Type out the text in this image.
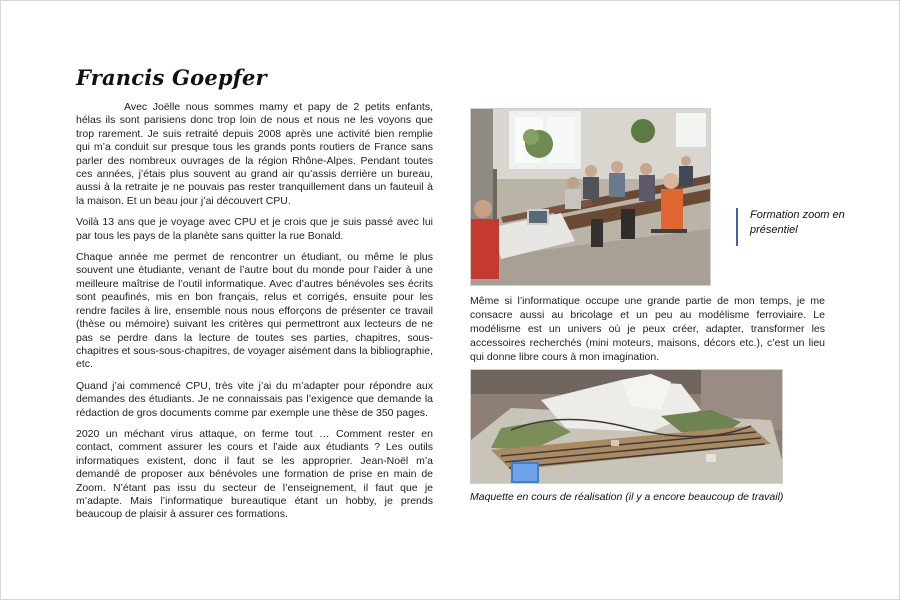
Francis Goepfer

Avec Joëlle nous sommes mamy et papy de 2 petits enfants, hélas ils sont parisiens donc trop loin de nous et nous ne les voyons que trop rarement. Je suis retraité depuis 2008 après une activité bien remplie qui m’a conduit sur presque tous les grands ponts routiers de France sans parler des nombreux ouvrages de la région Rhône-Alpes. Pendant toutes ces années, j’étais plus souvent au grand air qu’assis derrière un bureau, aussi à la retraite je ne pouvais pas rester tranquillement dans un fauteuil à la maison. Et un beau jour j’ai découvert CPU.

Voilà 13 ans que je voyage avec CPU et je crois que je suis passé avec lui par tous les pays de la planète sans quitter la rue Bonald.

Chaque année me permet de rencontrer un étudiant, ou même le plus souvent une étudiante, venant de l’autre bout du monde pour l’aider à une meilleure maîtrise de l’outil informatique. Avec d’autres bénévoles ses écrits sont peaufinés, mis en bon français, relus et corrigés, ensuite pour les rendre faciles à lire, ensemble nous nous efforçons de présenter ce travail (thèse ou mémoire) suivant les critères qui permettront aux lecteurs de ne pas se perdre dans la lecture de toutes ses parties, chapitres, sous-chapitres et sous-sous-chapitres, de voyager aisément dans la bibliographie, etc.

Quand j’ai commencé CPU, très vite j’ai du m’adapter pour répondre aux demandes des étudiants. Je ne connaissais pas l’exigence que demande la rédaction de gros documents comme par exemple une thèse de 350 pages.

2020 un méchant virus attaque, on ferme tout … Comment rester en contact, comment assurer les cours et l’aide aux étudiants ? Les outils informatiques existent, donc il faut se les approprier. Jean-Noël m’a demandé de proposer aux bénévoles une formation de prise en main de Zoom. N’étant pas issu du secteur de l’enseignement, il faut que je m’adapte. Mais l’informatique bureautique étant un hobby, je prends beaucoup de plaisir à assurer ces formations.

Formation zoom en présentiel

Même si l’informatique occupe une grande partie de mon temps, je me consacre aussi au bricolage et un peu au modélisme ferroviaire. Le modélisme est un univers où je peux créer, adapter, transformer les accessoires recherchés (mini moteurs, maisons, décors etc.), c’est un lieu qui donne libre cours à mon imagination.

Maquette en cours de réalisation (il y a encore beaucoup de travail)
